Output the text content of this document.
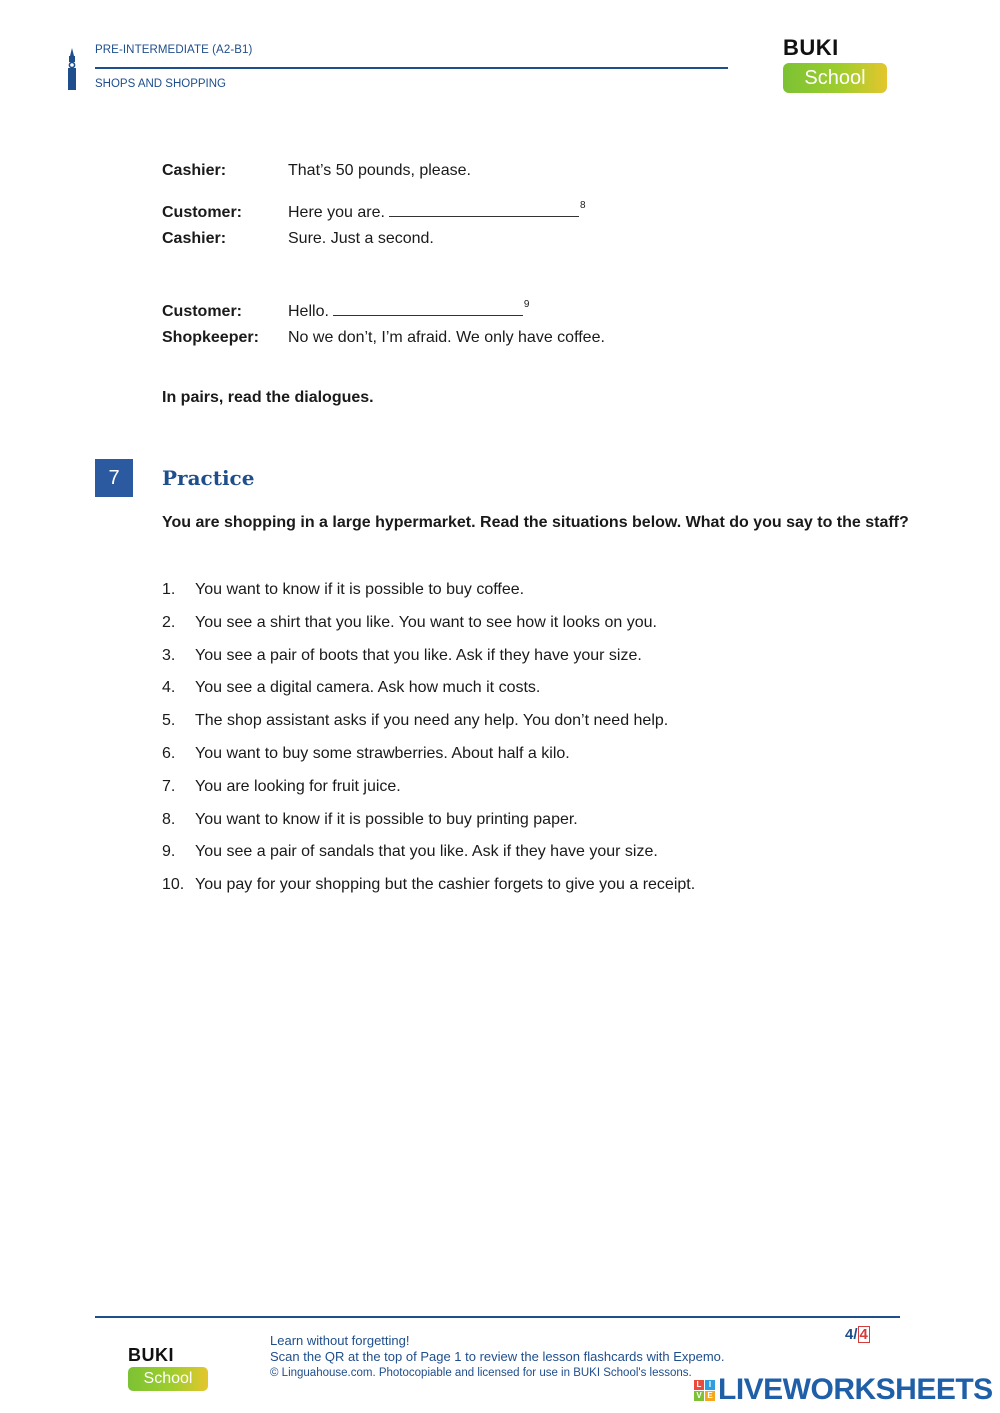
PRE-INTERMEDIATE (A2-B1)
SHOPS AND SHOPPING
BUKI
School
Cashier:	That’s 50 pounds, please.
Customer:	Here you are.	$^8$
Cashier:	Sure. Just a second.
Customer:	Hello.	$^9$
Shopkeeper: No we don’t, I’m afraid. We only have coffee.
In pairs, read the dialogues.
7	Practice
You are shopping in a large hypermarket. Read the situations below. What do you say to the staff?
1.	You want to know if it is possible to buy coffee.
2.	You see a shirt that you like. You want to see how it looks on you.
3.	You see a pair of boots that you like. Ask if they have your size.
4.	You see a digital camera. Ask how much it costs.
5.	The shop assistant asks if you need any help. You don’t need help.
6.	You want to buy some strawberries. About half a kilo.
7.	You are looking for fruit juice.
8.	You want to know if it is possible to buy printing paper.
9.	You see a pair of sandals that you like. Ask if they have your size.
10. You pay for your shopping but the cashier forgets to give you a receipt.
BUKI
School
Learn without forgetting!
Scan the QR at the top of Page 1 to review the lesson flashcards with Expemo.
© Linguahouse.com. Photocopiable and licensed for use in BUKI School's lessons.
4/ 4
L I
V E LIVEWORKSHEETS
